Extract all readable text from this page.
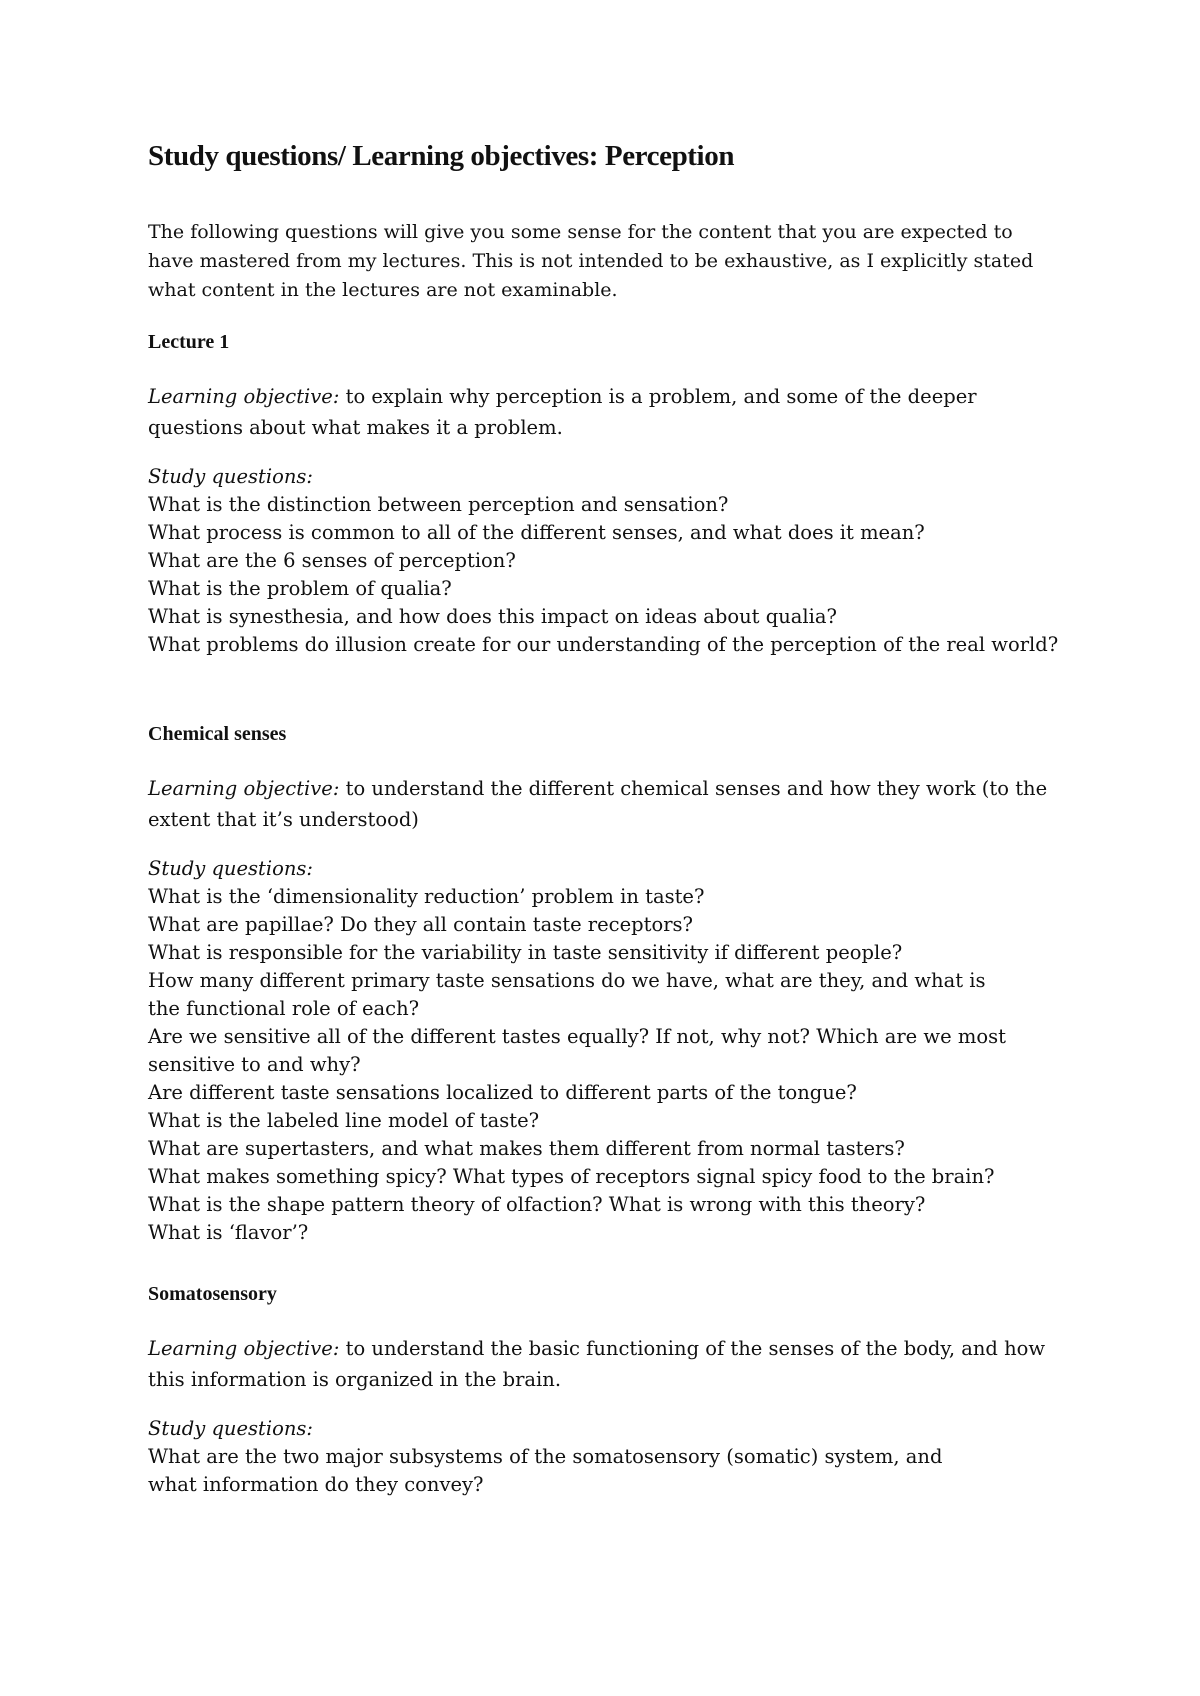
Study questions/ Learning objectives: Perception
The following questions will give you some sense for the content that you are expected to
have mastered from my lectures. This is not intended to be exhaustive, as I explicitly stated
what content in the lectures are not examinable.
Lecture 1
Learning objective: to explain why perception is a problem, and some of the deeper
questions about what makes it a problem.
Study questions:
What is the distinction between perception and sensation?
What process is common to all of the different senses, and what does it mean?
What are the 6 senses of perception?
What is the problem of qualia?
What is synesthesia, and how does this impact on ideas about qualia?
What problems do illusion create for our understanding of the perception of the real world?
Chemical senses
Learning objective: to understand the different chemical senses and how they work (to the
extent that it’s understood)
Study questions:
What is the ‘dimensionality reduction’ problem in taste?
What are papillae? Do they all contain taste receptors?
What is responsible for the variability in taste sensitivity if different people?
How many different primary taste sensations do we have, what are they, and what is
the functional role of each?
Are we sensitive all of the different tastes equally? If not, why not? Which are we most
sensitive to and why?
Are different taste sensations localized to different parts of the tongue?
What is the labeled line model of taste?
What are supertasters, and what makes them different from normal tasters?
What makes something spicy? What types of receptors signal spicy food to the brain?
What is the shape pattern theory of olfaction? What is wrong with this theory?
What is ‘flavor’?
Somatosensory
Learning objective: to understand the basic functioning of the senses of the body, and how
this information is organized in the brain.
Study questions:
What are the two major subsystems of the somatosensory (somatic) system, and
what information do they convey?
